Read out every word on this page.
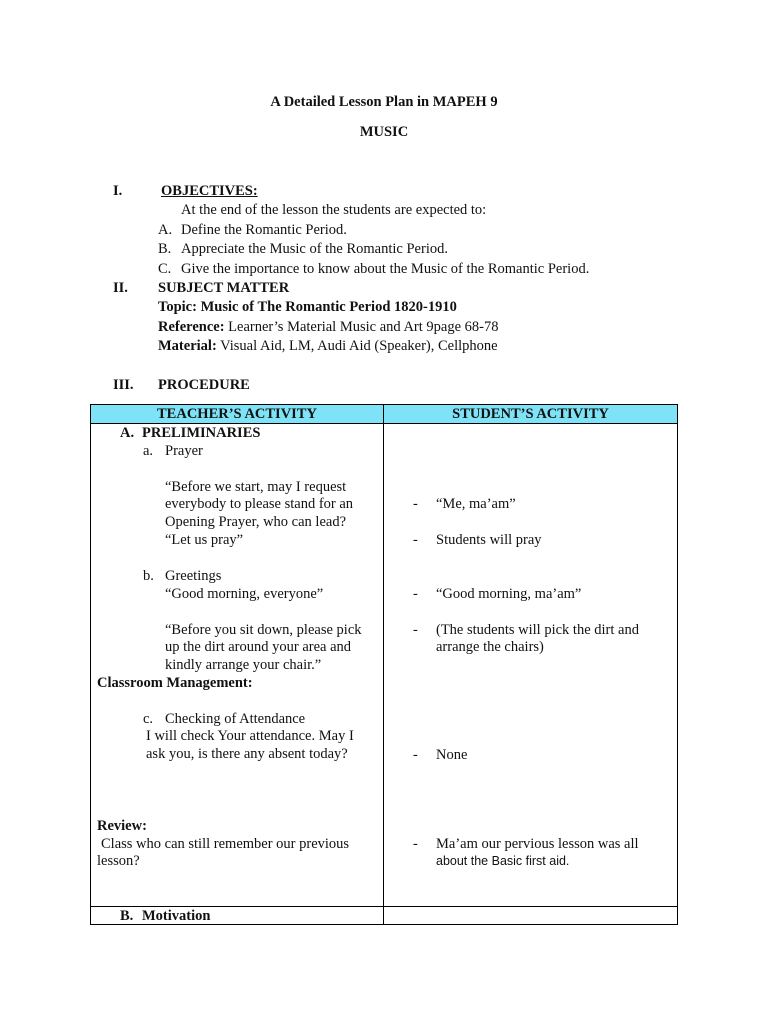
A Detailed Lesson Plan in MAPEH 9
MUSIC
I.	OBJECTIVES:
At the end of the lesson the students are expected to:
A. Define the Romantic Period.
B. Appreciate the Music of the Romantic Period.
C. Give the importance to know about the Music of the Romantic Period.
II. SUBJECT MATTER
Topic: Music of The Romantic Period 1820-1910
Reference: Learner’s Material Music and Art 9page 68-78
Material: Visual Aid, LM, Audi Aid (Speaker), Cellphone
III. PROCEDURE
TEACHER’S ACTIVITY	STUDENT’S ACTIVITY
A. PRELIMINARIES
a. Prayer
“Before we start, may I request
everybody to please stand for an
Opening Prayer, who can lead?
“Let us pray”
b. Greetings
“Good morning, everyone”
“Before you sit down, please pick
up the dirt around your area and
kindly arrange your chair.”
Classroom Management:
c. Checking of Attendance
I will check Your attendance. May I
ask you, is there any absent today?
Review:
Class who can still remember our previous
lesson?
B. Motivation
- “Me, ma’am”
- Students will pray
- “Good morning, ma’am”
- (The students will pick the dirt and
arrange the chairs)
- None
- Ma’am our pervious lesson was all
about the Basic first aid.
